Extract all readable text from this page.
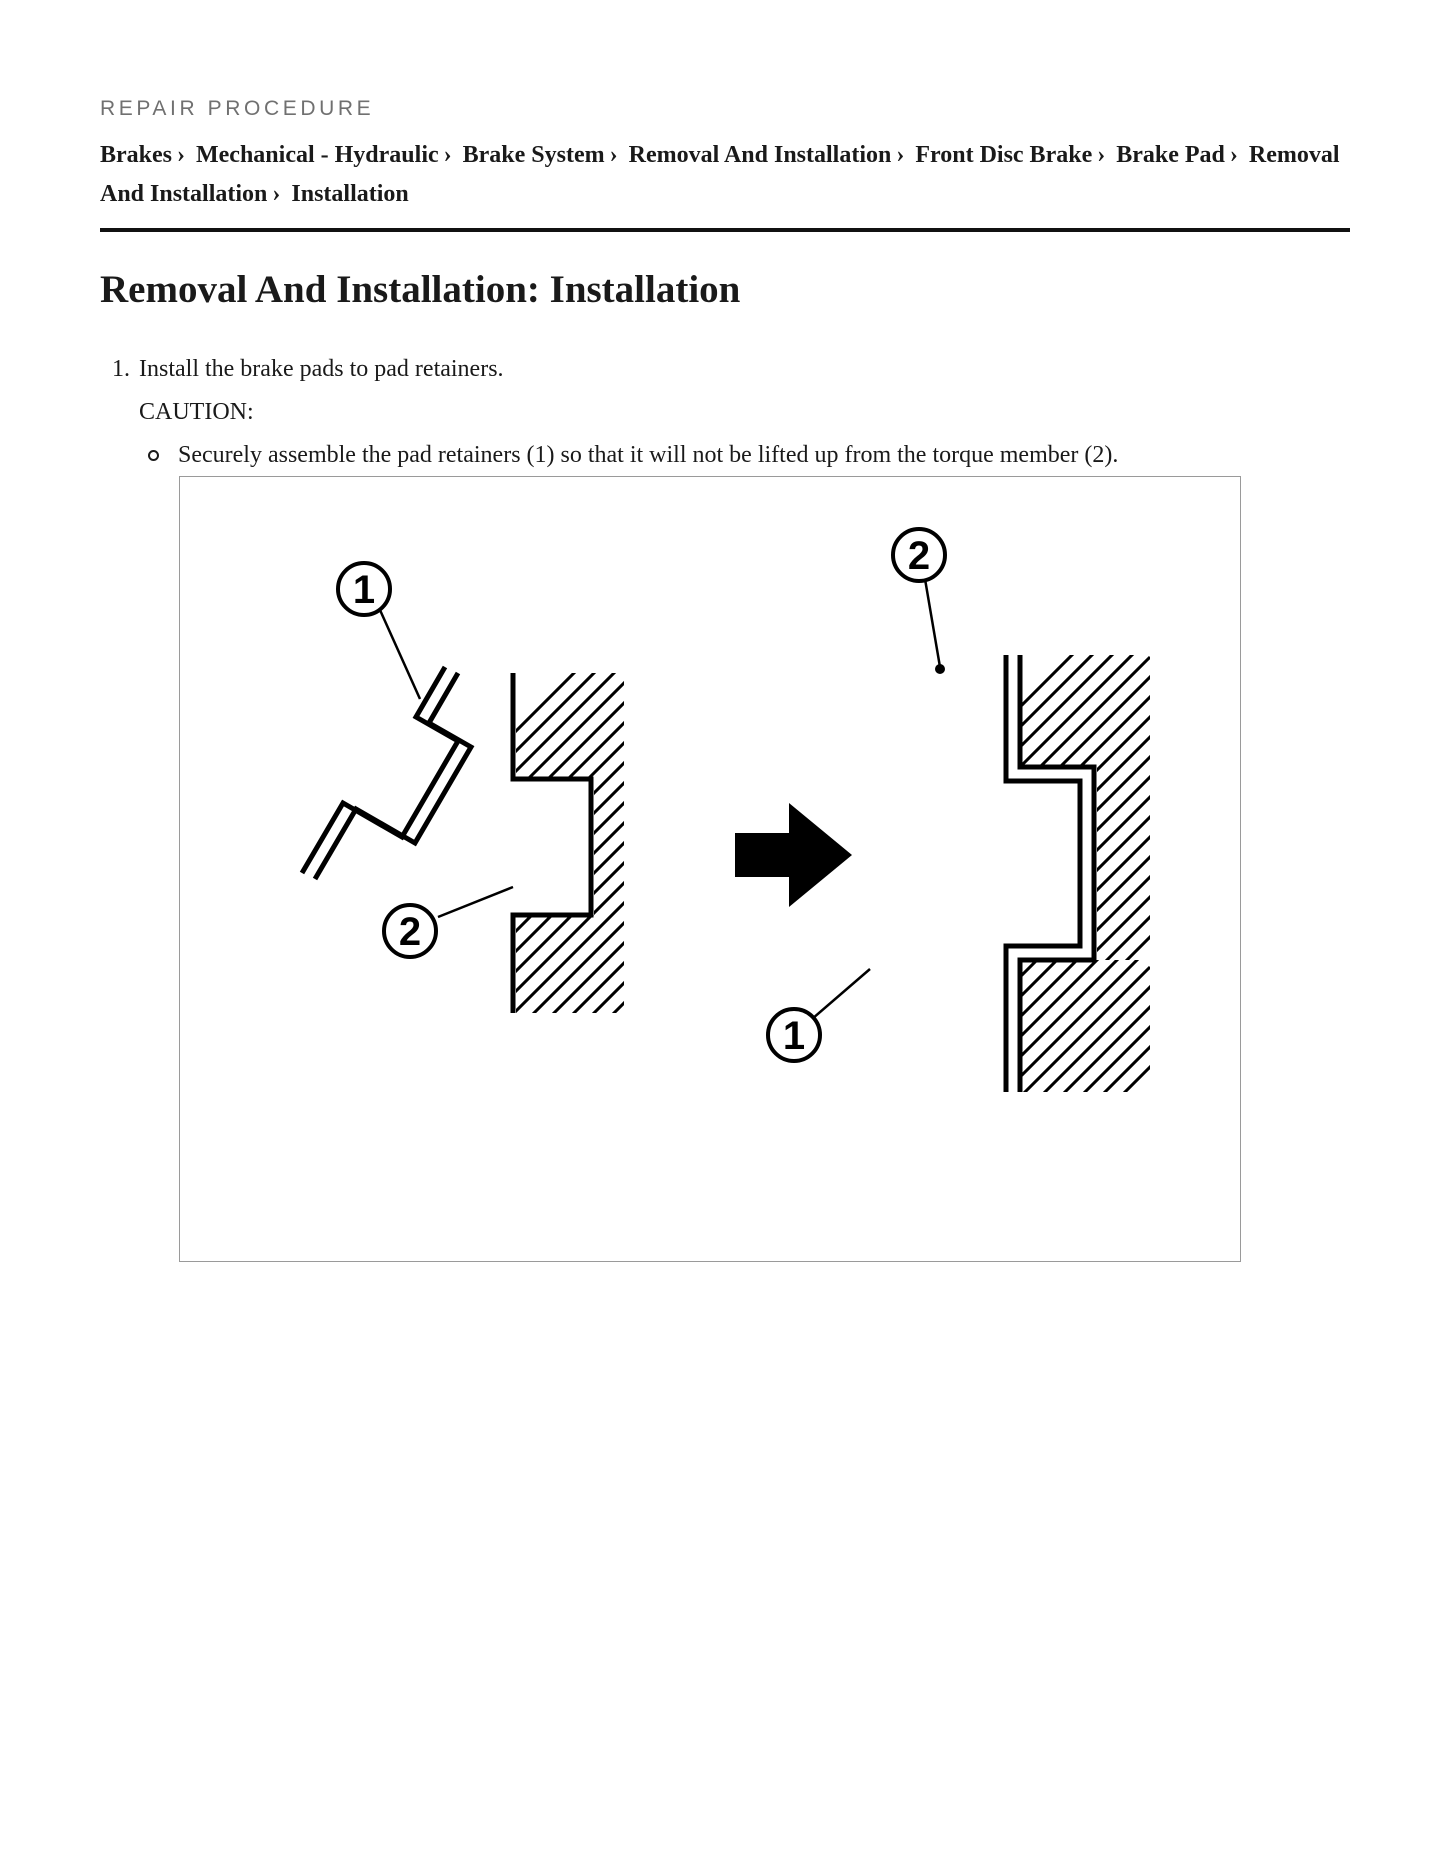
REPAIR PROCEDURE

Brakes › Mechanical - Hydraulic › Brake System › Removal And Installation › Front Disc Brake › Brake Pad › Removal And Installation › Installation
Removal And Installation: Installation
1. Install the brake pads to pad retainers.
CAUTION:
Securely assemble the pad retainers (1) so that it will not be lifted up from the torque member (2).
1
2
2
1
